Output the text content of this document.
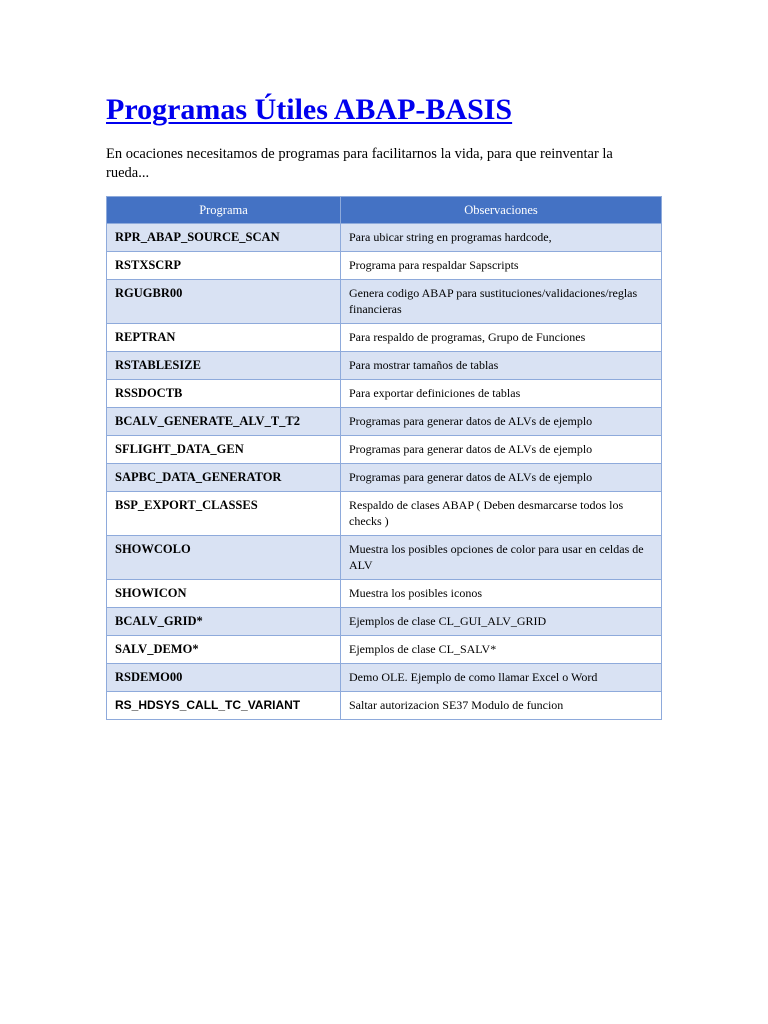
Programas Útiles ABAP-BASIS

En ocaciones necesitamos de programas para facilitarnos la vida, para que reinventar la rueda...

Programa	Observaciones
RPR_ABAP_SOURCE_SCAN	Para ubicar string en programas hardcode,
RSTXSCRP	Programa para respaldar Sapscripts
RGUGBR00	Genera codigo ABAP para sustituciones/validaciones/reglas financieras
REPTRAN	Para respaldo de programas, Grupo de Funciones
RSTABLESIZE	Para mostrar tamaños de tablas
RSSDOCTB	Para exportar definiciones de tablas
BCALV_GENERATE_ALV_T_T2	Programas para generar datos de ALVs de ejemplo
SFLIGHT_DATA_GEN	Programas para generar datos de ALVs de ejemplo
SAPBC_DATA_GENERATOR	Programas para generar datos de ALVs de ejemplo
BSP_EXPORT_CLASSES	Respaldo de clases ABAP ( Deben desmarcarse todos los checks )
SHOWCOLO	Muestra los posibles opciones de color para usar en celdas de ALV
SHOWICON	Muestra los posibles iconos
BCALV_GRID*	Ejemplos de clase CL_GUI_ALV_GRID
SALV_DEMO*	Ejemplos de clase CL_SALV*
RSDEMO00	Demo OLE. Ejemplo de como llamar Excel o Word
RS_HDSYS_CALL_TC_VARIANT	Saltar autorizacion SE37 Modulo de funcion
